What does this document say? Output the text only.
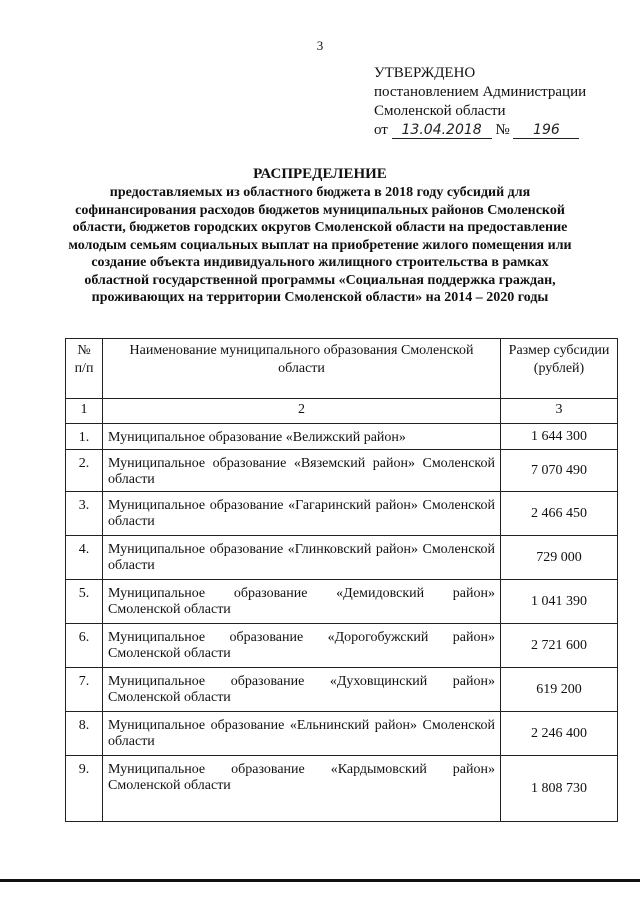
3
УТВЕРЖДЕНО
постановлением Администрации
Смоленской области
от 13.04.2018 № 196
РАСПРЕДЕЛЕНИЕ
предоставляемых из областного бюджета в 2018 году субсидий для софинансирования расходов бюджетов муниципальных районов Смоленской области, бюджетов городских округов Смоленской области на предоставление молодым семьям социальных выплат на приобретение жилого помещения или создание объекта индивидуального жилищного строительства в рамках областной государственной программы «Социальная поддержка граждан, проживающих на территории Смоленской области» на 2014 – 2020 годы
№ п/п	Наименование муниципального образования Смоленской области	Размер субсидии (рублей)
1	2	3
1.	Муниципальное образование «Велижский район»	1 644 300
2.	Муниципальное образование «Вяземский район» Смоленской области	7 070 490
3.	Муниципальное образование «Гагаринский район» Смоленской области	2 466 450
4.	Муниципальное образование «Глинковский район» Смоленской области	729 000
5.	Муниципальное образование «Демидовский район» Смоленской области	1 041 390
6.	Муниципальное образование «Дорогобужский район» Смоленской области	2 721 600
7.	Муниципальное образование «Духовщинский район» Смоленской области	619 200
8.	Муниципальное образование «Ельнинский район» Смоленской области	2 246 400
9.	Муниципальное образование «Кардымовский район» Смоленской области	1 808 730
